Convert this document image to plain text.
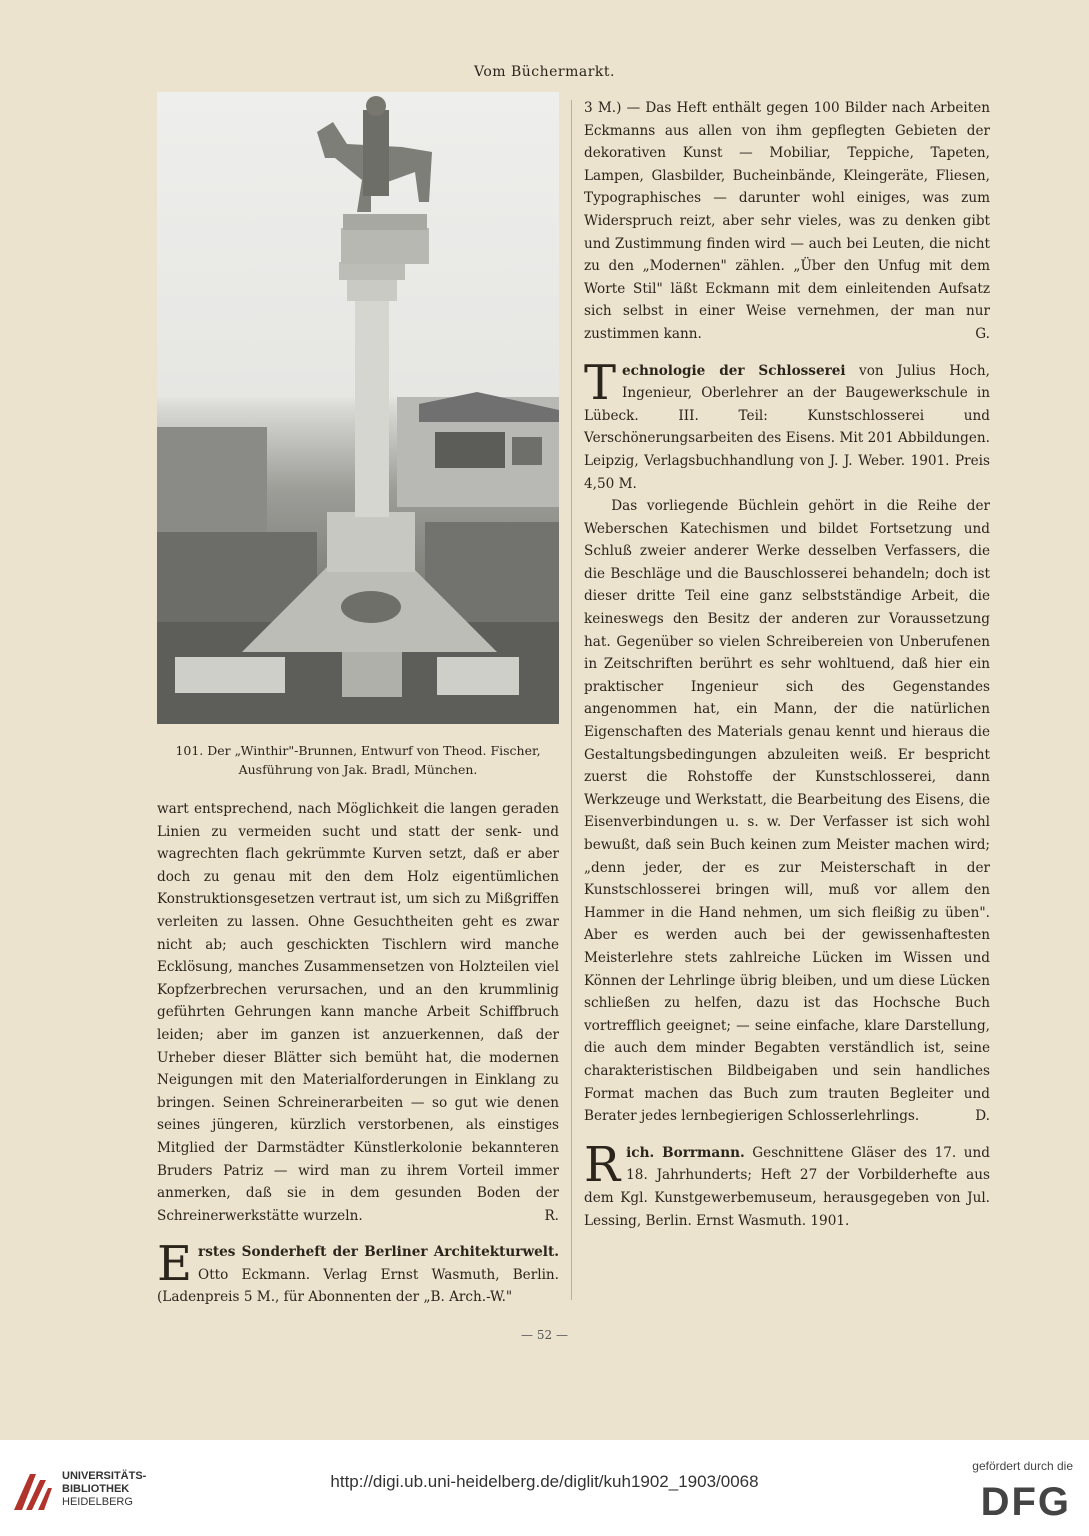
Vom Büchermarkt.
101. Der „Winthir"-Brunnen, Entwurf von Theod. Fischer,
Ausführung von Jak. Bradl, München.

wart entsprechend, nach Möglichkeit die langen geraden Linien zu vermeiden sucht und statt der senk- und wagrechten flach gekrümmte Kurven setzt, daß er aber doch zu genau mit den dem Holz eigentümlichen Konstruktionsgesetzen vertraut ist, um sich zu Mißgriffen verleiten zu lassen. Ohne Gesuchtheiten geht es zwar nicht ab; auch geschickten Tischlern wird manche Ecklösung, manches Zusammensetzen von Holzteilen viel Kopfzerbrechen verursachen, und an den krummlinig geführten Gehrungen kann manche Arbeit Schiffbruch leiden; aber im ganzen ist anzuerkennen, daß der Urheber dieser Blätter sich bemüht hat, die modernen Neigungen mit den Materialforderungen in Einklang zu bringen. Seinen Schreinerarbeiten — so gut wie denen seines jüngeren, kürzlich verstorbenen, als einstiges Mitglied der Darmstädter Künstlerkolonie bekannteren Bruders Patriz — wird man zu ihrem Vorteil immer anmerken, daß sie in dem gesunden Boden der Schreinerwerkstätte wurzeln.	R.

E rstes Sonderheft der Berliner Architekturwelt. Otto Eckmann. Verlag Ernst Wasmuth, Berlin. (Ladenpreis 5 M., für Abonnenten der „B. Arch.-W."

3 M.) — Das Heft enthält gegen 100 Bilder nach Arbeiten Eckmanns aus allen von ihm gepflegten Gebieten der dekorativen Kunst — Mobiliar, Teppiche, Tapeten, Lampen, Glasbilder, Bucheinbände, Kleingeräte, Fliesen, Typographisches — darunter wohl einiges, was zum Widerspruch reizt, aber sehr vieles, was zu denken gibt und Zustimmung finden wird — auch bei Leuten, die nicht zu den „Modernen" zählen. „Über den Unfug mit dem Worte Stil" läßt Eckmann mit dem einleitenden Aufsatz sich selbst in einer Weise vernehmen, der man nur zustimmen kann.	G.

T echnologie der Schlosserei von Julius Hoch, Ingenieur, Oberlehrer an der Baugewerkschule in Lübeck. III. Teil: Kunstschlosserei und Verschönerungsarbeiten des Eisens. Mit 201 Abbildungen. Leipzig, Verlagsbuchhandlung von J. J. Weber. 1901. Preis 4,50 M.

Das vorliegende Büchlein gehört in die Reihe der Weberschen Katechismen und bildet Fortsetzung und Schluß zweier anderer Werke desselben Verfassers, die die Beschläge und die Bauschlosserei behandeln; doch ist dieser dritte Teil eine ganz selbstständige Arbeit, die keineswegs den Besitz der anderen zur Voraussetzung hat. Gegenüber so vielen Schreibereien von Unberufenen in Zeitschriften berührt es sehr wohltuend, daß hier ein praktischer Ingenieur sich des Gegenstandes angenommen hat, ein Mann, der die natürlichen Eigenschaften des Materials genau kennt und hieraus die Gestaltungsbedingungen abzuleiten weiß. Er bespricht zuerst die Rohstoffe der Kunstschlosserei, dann Werkzeuge und Werkstatt, die Bearbeitung des Eisens, die Eisenverbindungen u. s. w. Der Verfasser ist sich wohl bewußt, daß sein Buch keinen zum Meister machen wird; „denn jeder, der es zur Meisterschaft in der Kunstschlosserei bringen will, muß vor allem den Hammer in die Hand nehmen, um sich fleißig zu üben". Aber es werden auch bei der gewissenhaftesten Meisterlehre stets zahlreiche Lücken im Wissen und Können der Lehrlinge übrig bleiben, und um diese Lücken schließen zu helfen, dazu ist das Hochsche Buch vortrefflich geeignet; — seine einfache, klare Darstellung, die auch dem minder Begabten verständlich ist, seine charakteristischen Bildbeigaben und sein handliches Format machen das Buch zum trauten Begleiter und Berater jedes lernbegierigen Schlosserlehrlings.	D.

R ich. Borrmann. Geschnittene Gläser des 17. und 18. Jahrhunderts; Heft 27 der Vorbilderhefte aus dem Kgl. Kunstgewerbemuseum, herausgegeben von Jul. Lessing, Berlin. Ernst Wasmuth. 1901.

— 52 —
UNIVERSITÄTS-
BIBLIOTHEK
HEIDELBERG
http://digi.ub.uni-heidelberg.de/diglit/kuh1902_1903/0068
gefördert durch die
DFG
